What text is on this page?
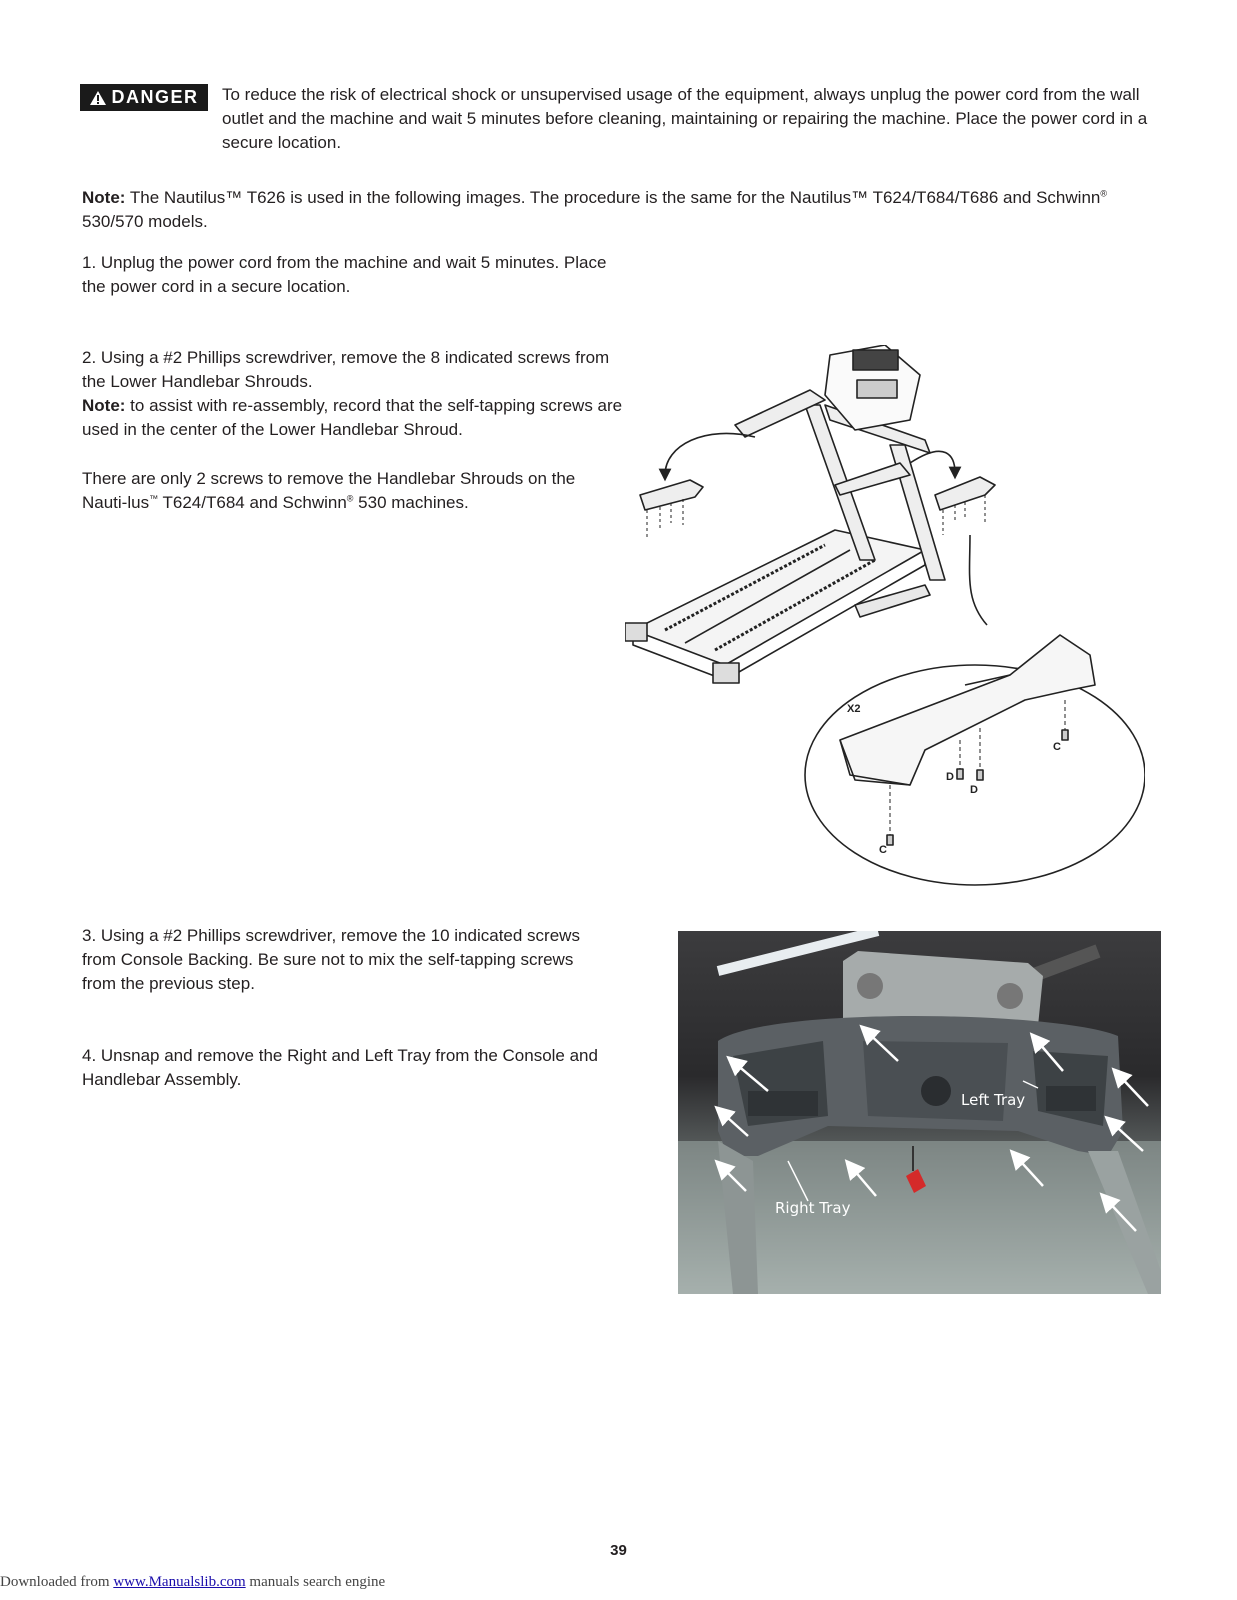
DANGER To reduce the risk of electrical shock or unsupervised usage of the equipment, always unplug the power cord from the wall outlet and the machine and wait 5 minutes before cleaning, maintaining or repairing the machine. Place the power cord in a secure location.
Note: The Nautilus™ T626 is used in the following images. The procedure is the same for the Nautilus™ T624/T684/T686 and Schwinn® 530/570 models.
1. Unplug the power cord from the machine and wait 5 minutes. Place the power cord in a secure location.
2. Using a #2 Phillips screwdriver, remove the 8 indicated screws from the Lower Handlebar Shrouds.
Note: to assist with re-assembly, record that the self-tapping screws are used in the center of the Lower Handlebar Shroud.
There are only 2 screws to remove the Handlebar Shrouds on the Nauti-lus™ T624/T684 and Schwinn® 530 machines.
X2
C
D
D
C
3. Using a #2 Phillips screwdriver, remove the 10 indicated screws from Console Backing. Be sure not to mix the self-tapping screws from the previous step.
4. Unsnap and remove the Right and Left Tray from the Console and Handlebar Assembly.
Left Tray
Right Tray
39
Downloaded from www.Manualslib.com manuals search engine
